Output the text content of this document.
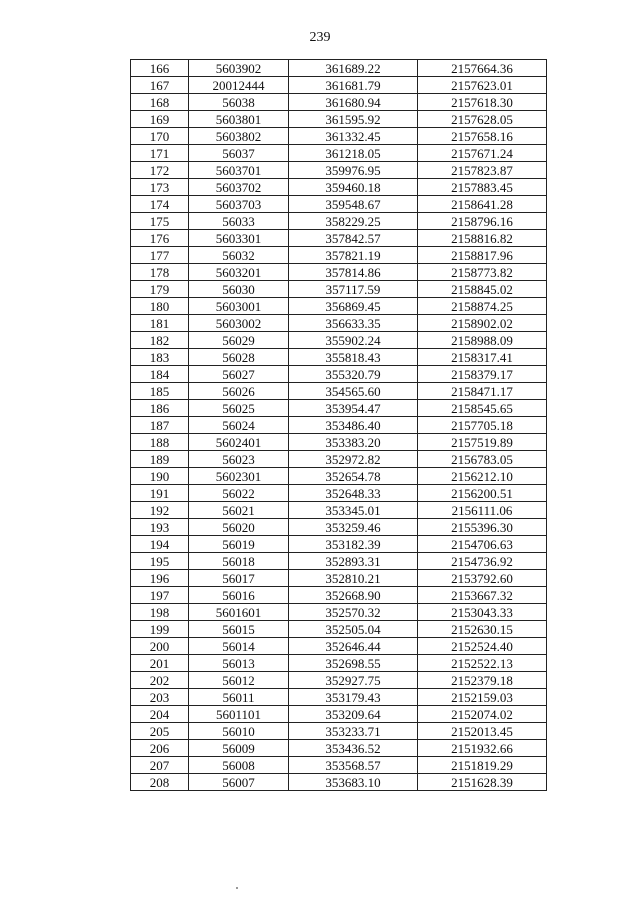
239
166	5603902	361689.22	2157664.36
167	20012444	361681.79	2157623.01
168	56038	361680.94	2157618.30
169	5603801	361595.92	2157628.05
170	5603802	361332.45	2157658.16
171	56037	361218.05	2157671.24
172	5603701	359976.95	2157823.87
173	5603702	359460.18	2157883.45
174	5603703	359548.67	2158641.28
175	56033	358229.25	2158796.16
176	5603301	357842.57	2158816.82
177	56032	357821.19	2158817.96
178	5603201	357814.86	2158773.82
179	56030	357117.59	2158845.02
180	5603001	356869.45	2158874.25
181	5603002	356633.35	2158902.02
182	56029	355902.24	2158988.09
183	56028	355818.43	2158317.41
184	56027	355320.79	2158379.17
185	56026	354565.60	2158471.17
186	56025	353954.47	2158545.65
187	56024	353486.40	2157705.18
188	5602401	353383.20	2157519.89
189	56023	352972.82	2156783.05
190	5602301	352654.78	2156212.10
191	56022	352648.33	2156200.51
192	56021	353345.01	2156111.06
193	56020	353259.46	2155396.30
194	56019	353182.39	2154706.63
195	56018	352893.31	2154736.92
196	56017	352810.21	2153792.60
197	56016	352668.90	2153667.32
198	5601601	352570.32	2153043.33
199	56015	352505.04	2152630.15
200	56014	352646.44	2152524.40
201	56013	352698.55	2152522.13
202	56012	352927.75	2152379.18
203	56011	353179.43	2152159.03
204	5601101	353209.64	2152074.02
205	56010	353233.71	2152013.45
206	56009	353436.52	2151932.66
207	56008	353568.57	2151819.29
208	56007	353683.10	2151628.39
